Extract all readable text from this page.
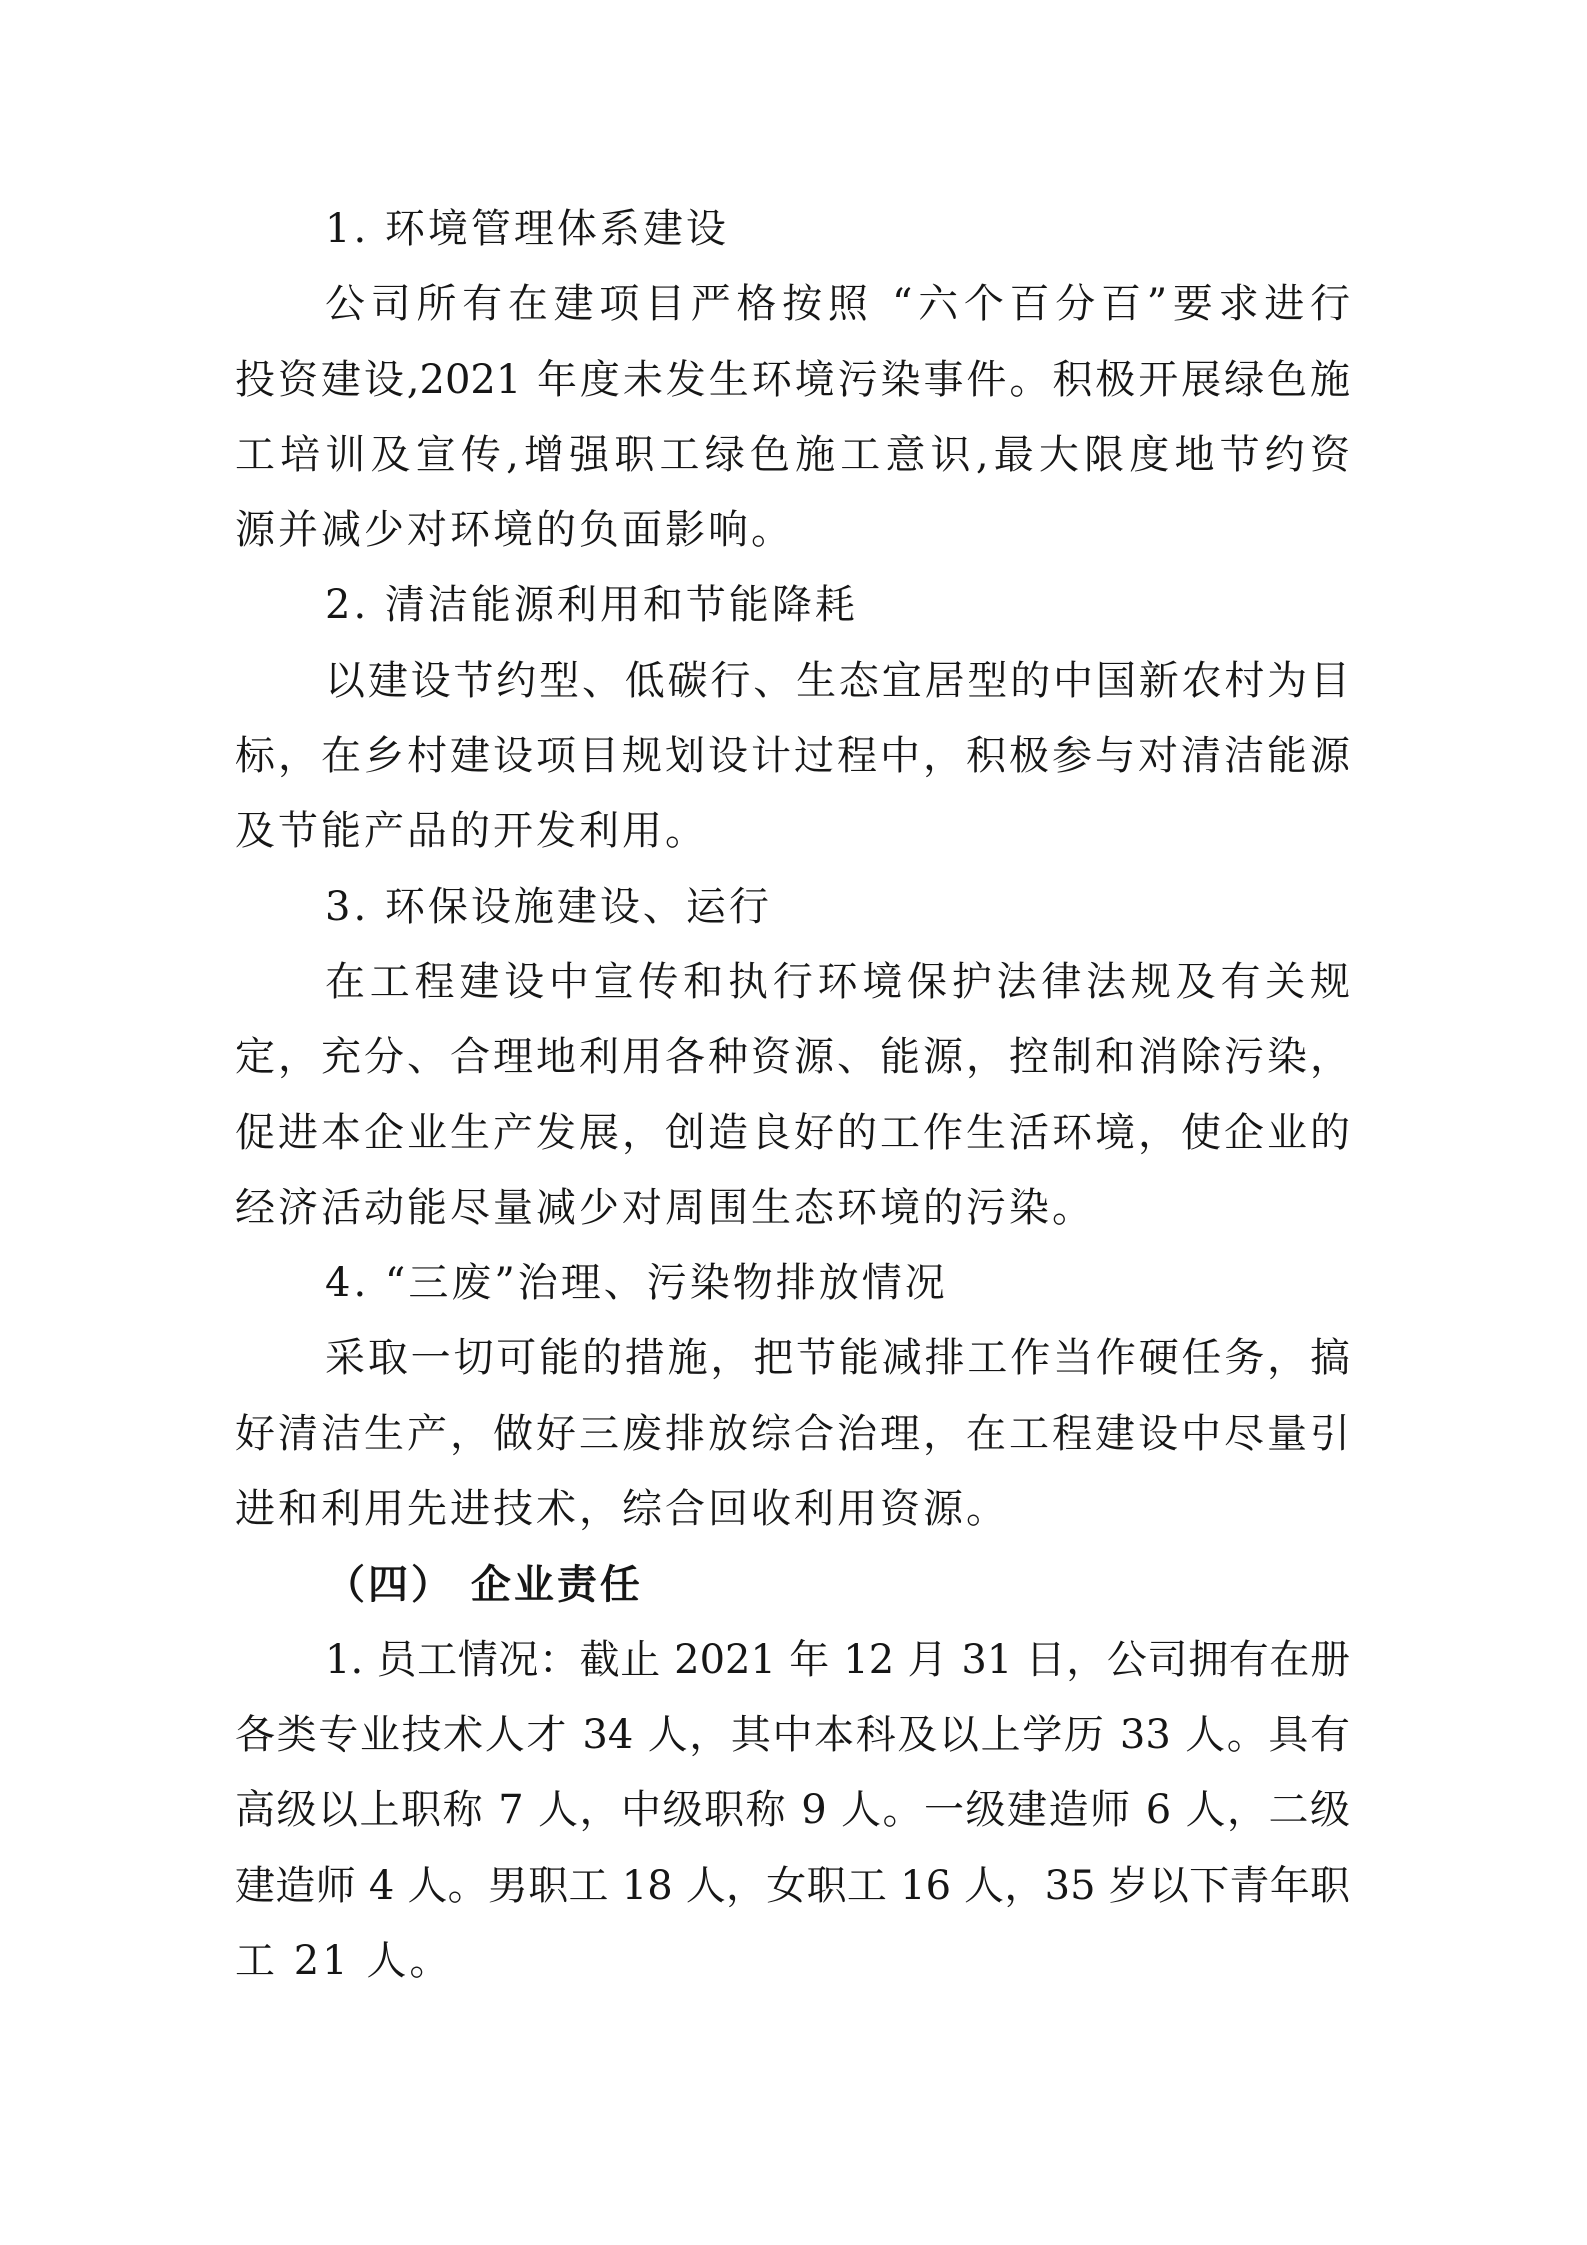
1. 环境管理体系建设
公司所有在建项目严格按照 “六个百分百”要求进行
投资建设,2021 年度未发生环境污染事件。积极开展绿色施
工培训及宣传,增强职工绿色施工意识,最大限度地节约资
源并减少对环境的负面影响。
2. 清洁能源利用和节能降耗
以建设节约型、低碳行、生态宜居型的中国新农村为目
标，在乡村建设项目规划设计过程中，积极参与对清洁能源
及节能产品的开发利用。
3. 环保设施建设、运行
在工程建设中宣传和执行环境保护法律法规及有关规
定，充分、合理地利用各种资源、能源，控制和消除污染，
促进本企业生产发展，创造良好的工作生活环境，使企业的
经济活动能尽量减少对周围生态环境的污染。
4. “三废”治理、污染物排放情况
采取一切可能的措施，把节能减排工作当作硬任务，搞
好清洁生产，做好三废排放综合治理，在工程建设中尽量引
进和利用先进技术，综合回收利用资源。
（四） 企业责任
1. 员工情况：截止 2021 年 12 月 31 日，公司拥有在册
各类专业技术人才 34 人，其中本科及以上学历 33 人。具有
高级以上职称 7 人，中级职称 9 人。一级建造师 6 人，二级
建造师 4 人。男职工 18 人，女职工 16 人，35 岁以下青年职
工 21 人。
